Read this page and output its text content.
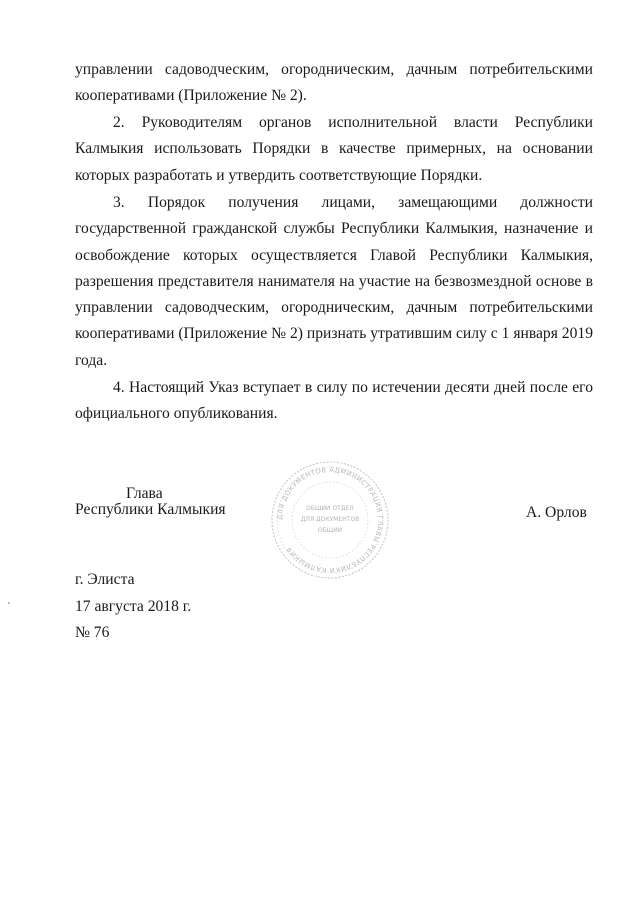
управлении садоводческим, огородническим, дачным потребительскими кооперативами (Приложение № 2).

2. Руководителям органов исполнительной власти Республики Калмыкия использовать Порядки в качестве примерных, на основании которых разработать и утвердить соответствующие Порядки.

3. Порядок получения лицами, замещающими должности государственной гражданской службы Республики Калмыкия, назначение и освобождение которых осуществляется Главой Республики Калмыкия, разрешения представителя нанимателя на участие на безвозмездной основе в управлении садоводческим, огородническим, дачным потребительскими кооперативами (Приложение № 2) признать утратившим силу с 1 января 2019 года.

4. Настоящий Указ вступает в силу по истечении десяти дней после его официального опубликования.

Глава

Республики Калмыкия	А. Орлов

ДЛЯ ДОКУМЕНТОВ АДМИНИСТРАЦИЯ ГЛАВЫ РЕСПУБЛИКИ КАЛМЫКИЯ
ОБЩИЙ ОТДЕЛ
ДЛЯ ДОКУМЕНТОВ
ОБЩИЙ

г. Элиста

17 августа 2018 г.

№ 76
